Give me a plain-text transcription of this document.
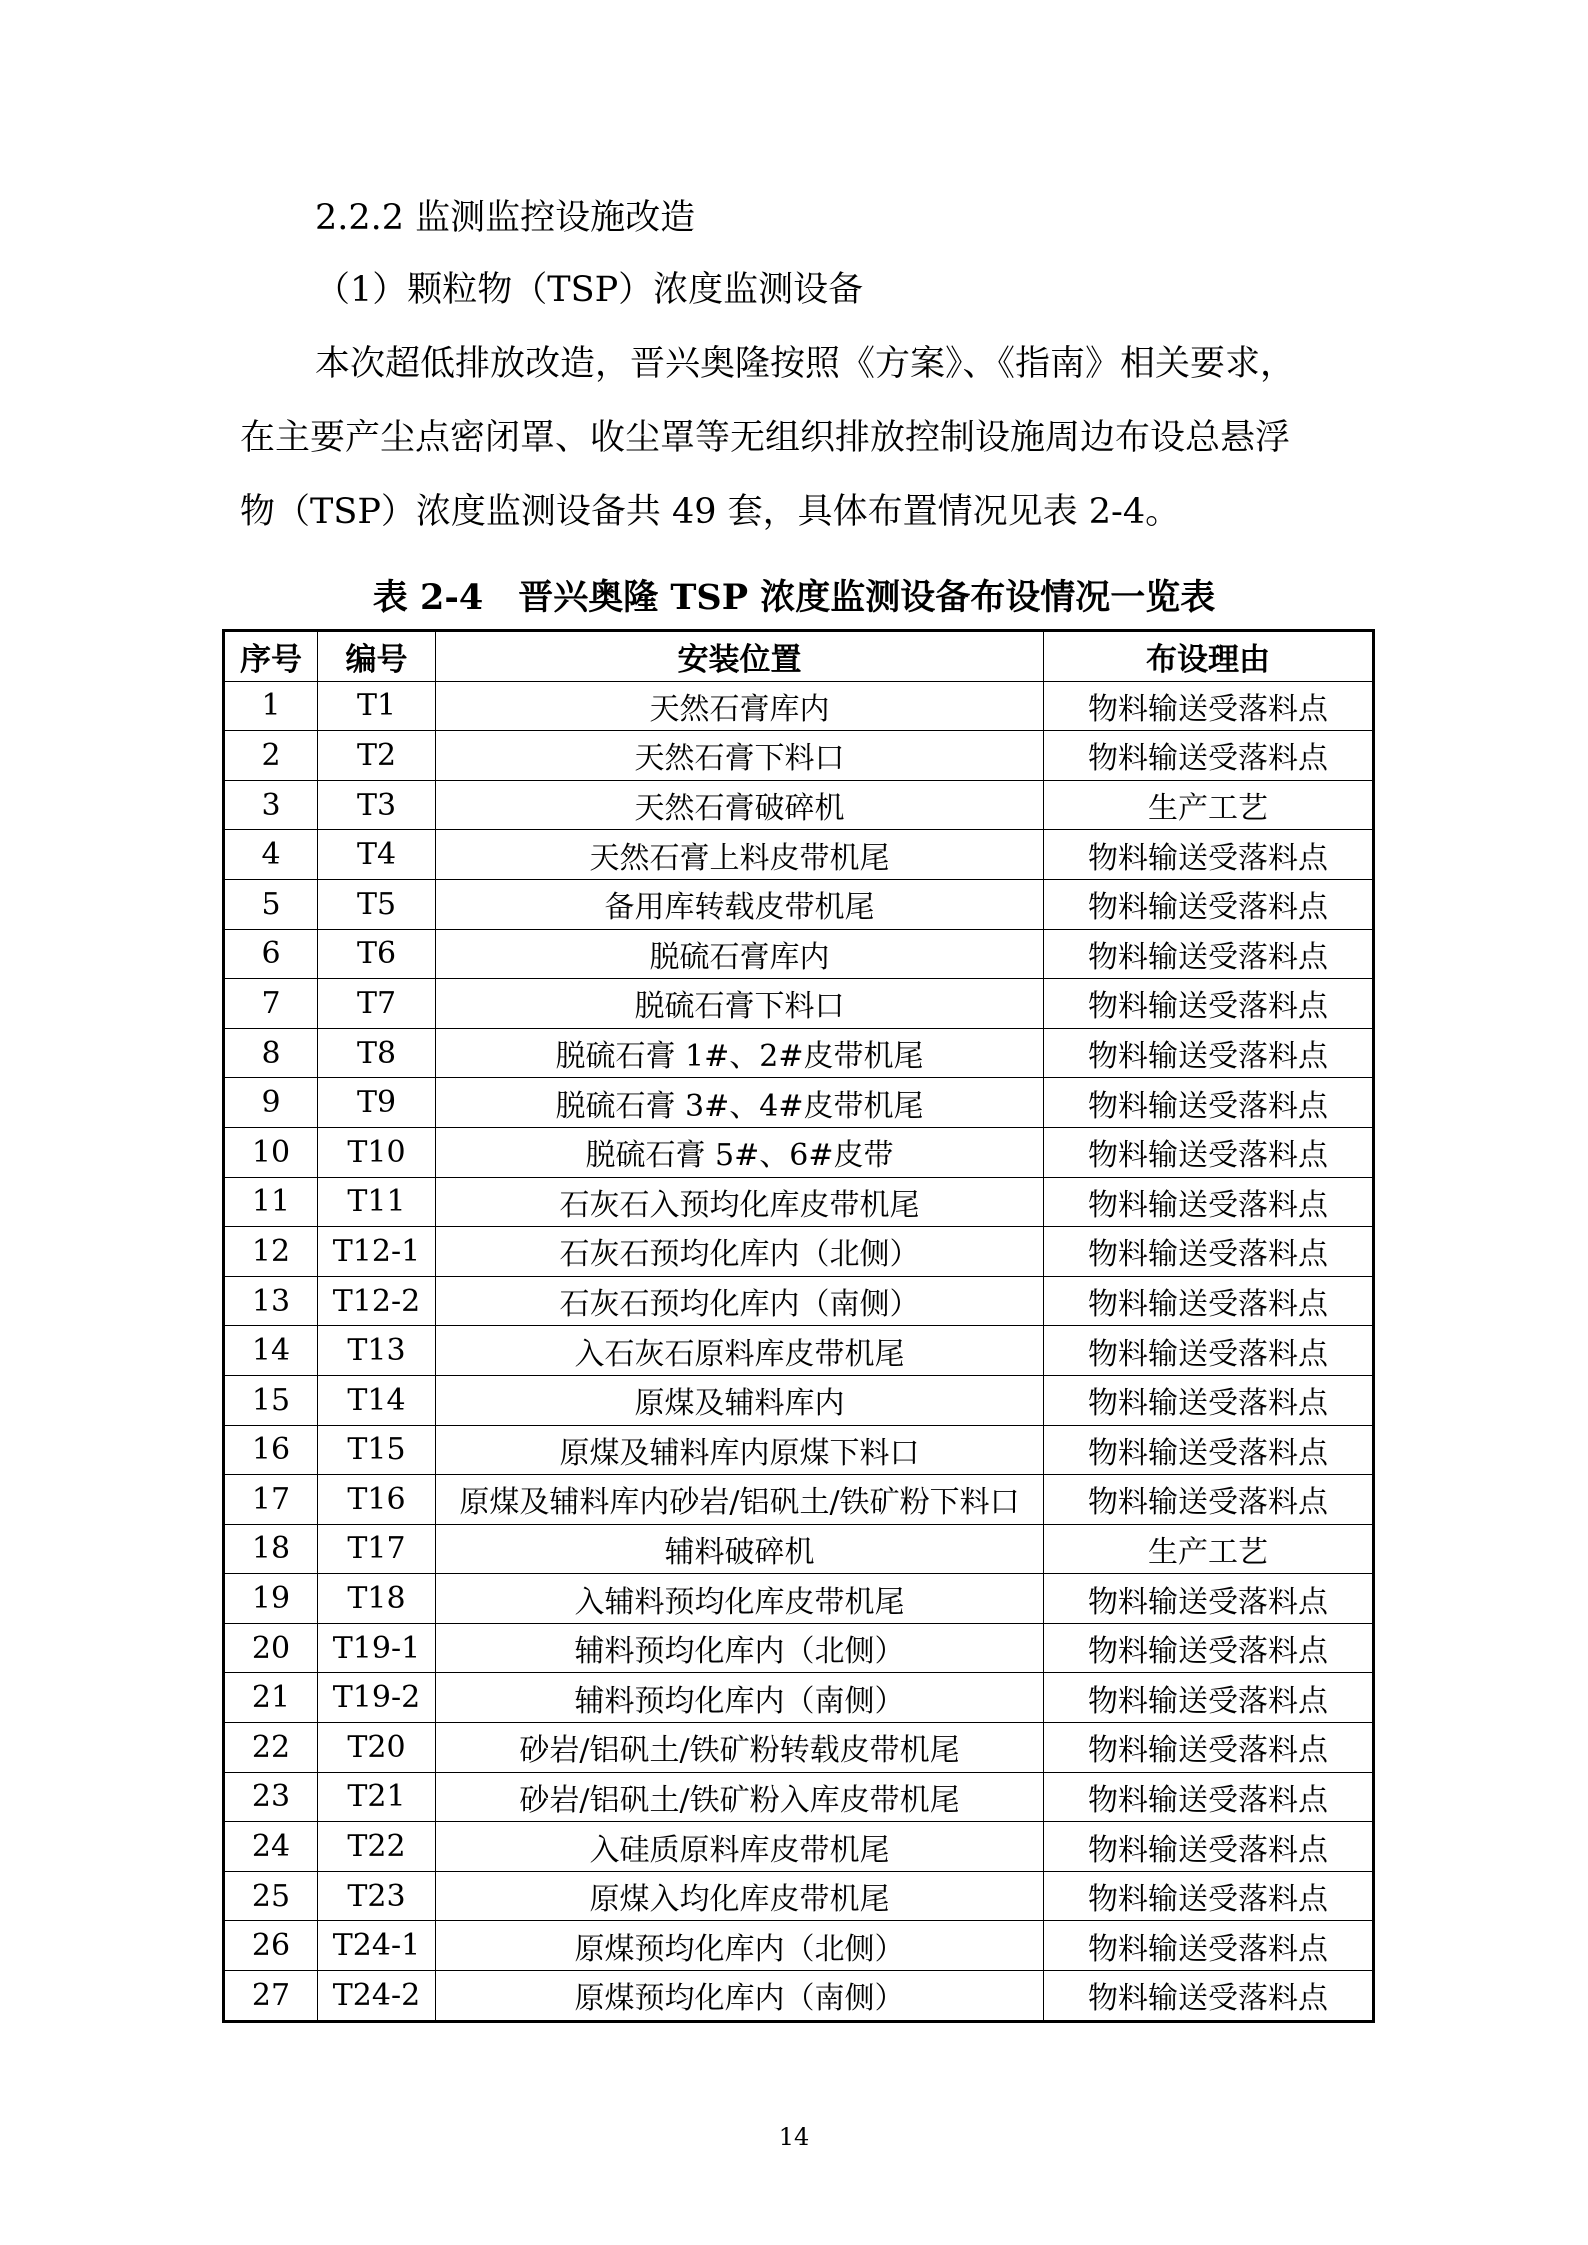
2.2.2 监测监控设施改造
（1）颗粒物（TSP）浓度监测设备
本次超低排放改造，晋兴奥隆按照《方案》、《指南》相关要求，
在主要产尘点密闭罩、收尘罩等无组织排放控制设施周边布设总悬浮
物（TSP）浓度监测设备共 49 套，具体布置情况见表 2-4。
表 2-4　晋兴奥隆 TSP 浓度监测设备布设情况一览表
序号	编号	安装位置	布设理由
1	T1	天然石膏库内	物料输送受落料点
2	T2	天然石膏下料口	物料输送受落料点
3	T3	天然石膏破碎机	生产工艺
4	T4	天然石膏上料皮带机尾	物料输送受落料点
5	T5	备用库转载皮带机尾	物料输送受落料点
6	T6	脱硫石膏库内	物料输送受落料点
7	T7	脱硫石膏下料口	物料输送受落料点
8	T8	脱硫石膏 1#、2#皮带机尾	物料输送受落料点
9	T9	脱硫石膏 3#、4#皮带机尾	物料输送受落料点
10	T10	脱硫石膏 5#、6#皮带	物料输送受落料点
11	T11	石灰石入预均化库皮带机尾	物料输送受落料点
12	T12-1	石灰石预均化库内（北侧）	物料输送受落料点
13	T12-2	石灰石预均化库内（南侧）	物料输送受落料点
14	T13	入石灰石原料库皮带机尾	物料输送受落料点
15	T14	原煤及辅料库内	物料输送受落料点
16	T15	原煤及辅料库内原煤下料口	物料输送受落料点
17	T16	原煤及辅料库内砂岩/铝矾土/铁矿粉下料口	物料输送受落料点
18	T17	辅料破碎机	生产工艺
19	T18	入辅料预均化库皮带机尾	物料输送受落料点
20	T19-1	辅料预均化库内（北侧）	物料输送受落料点
21	T19-2	辅料预均化库内（南侧）	物料输送受落料点
22	T20	砂岩/铝矾土/铁矿粉转载皮带机尾	物料输送受落料点
23	T21	砂岩/铝矾土/铁矿粉入库皮带机尾	物料输送受落料点
24	T22	入硅质原料库皮带机尾	物料输送受落料点
25	T23	原煤入均化库皮带机尾	物料输送受落料点
26	T24-1	原煤预均化库内（北侧）	物料输送受落料点
27	T24-2	原煤预均化库内（南侧）	物料输送受落料点
14
